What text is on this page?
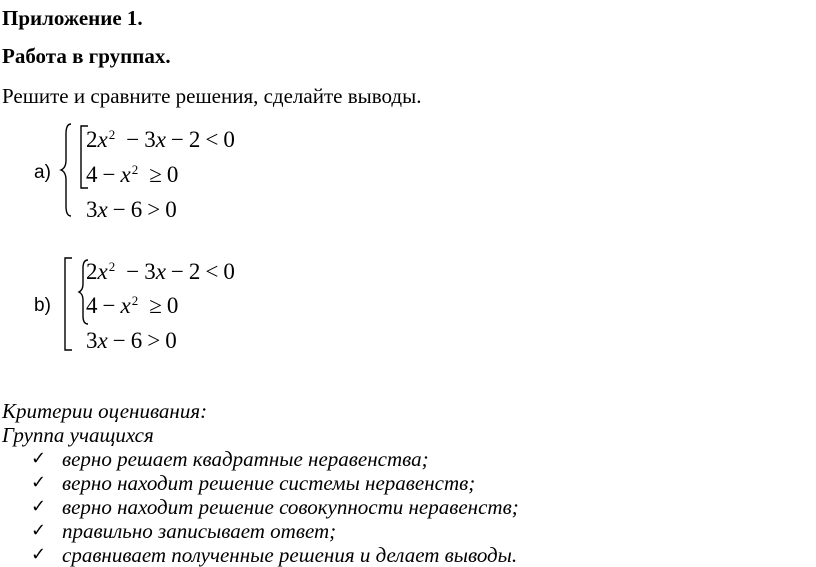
Приложение 1.
Работа в группах.
Решите и сравните решения, сделайте выводы.
а)
$2x^2 - 3x - 2 < 0$
$4 - x^2 \ge 0$
3x − 6 > 0
b)
$2x^2 - 3x - 2 < 0$
$4 - x^2 \ge 0$
3x − 6 > 0
Критерии оценивания:
Группа учащихся
✓ верно решает квадратные неравенства;
✓ верно находит решение системы неравенств;
✓ верно находит решение совокупности неравенств;
✓ правильно записывает ответ;
✓ сравнивает полученные решения и делает выводы.
